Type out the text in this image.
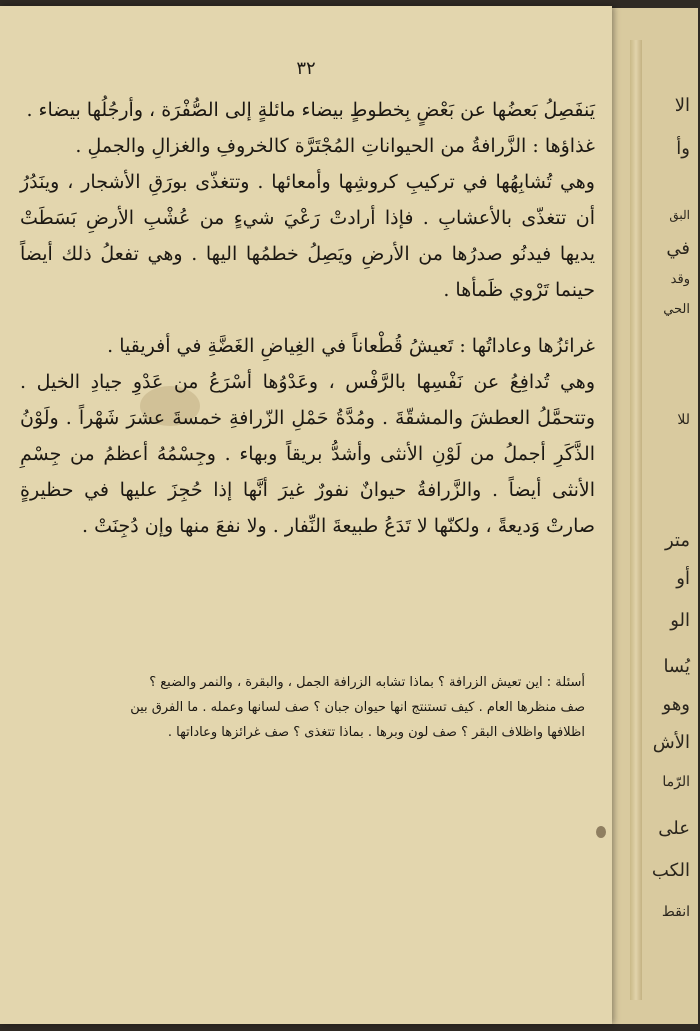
الا
وأ
البق
في
وقد
الحي
للا
متر
أو
الو
يُسا
وهو
الأش
الرّما
على
الكب
انقط
٣٢

يَنفَصِلُ بَعضُها عن بَعْضٍ بِخطوطٍ بيضاء مائلةٍ إلى الصُّفْرَة ، وأرجُلُها بيضاء .

غذاؤها : الزَّرافةُ من الحيواناتِ المُجْتَرَّة كالخروفِ والغزالِ والجملِ .

وهي تُشابِهُها في تركيبِ كروشِها وأمعائها . وتتغذّى بورَقِ الأشجار ، وينَدُرُ أن تتغذّى بالأعشابِ . فإذا أرادتْ رَعْيَ شيءٍ من عُشْبِ الأرضِ بَسَطَتْ يديها فيدنُو صدرُها من الأرضِ ويَصِلُ خطمُها اليها . وهي تفعلُ ذلك أيضاً حينما تَرْوي ظَمأها .

غرائزُها وعاداتُها : تَعيشُ قُطْعاناً في الغِياضِ الغَضَّةِ في أفريقيا .

وهي تُدافِعُ عن نَفْسِها بالرَّفْس ، وعَدْوُها أسْرَعُ من عَدْوِ جيادِ الخيل . وتتحمَّلُ العطشَ والمشقّةَ . ومُدَّةُ حَمْلِ الزّرافةِ خمسةَ عشرَ شَهْراً . ولَوْنُ الذَّكَرِ أجملُ من لَوْنِ الأنثى وأشدُّ بريقاً وبهاء . وجِسْمُهُ أعظمُ من جِسْمِ الأنثى أيضاً . والزَّرافةُ حيوانٌ نفورٌ غيرَ أنَّها إذا حُجِزَ عليها في حظيرةٍ صارتْ وَديعةً ، ولكنّها لا تَدَعُ طبيعةَ النِّفار . ولا نفعَ منها وإن دُجِنَتْ .

أسئلة : اين تعيش الزرافة ؟ بماذا تشابه الزرافة الجمل ، والبقرة ، والنمر والضبع ؟

صف منظرها العام . كيف تستنتج انها حيوان جبان ؟ صف لسانها وعمله . ما الفرق بين

اظلافها واظلاف البقر ؟ صف لون وبرها . بماذا تتغذى ؟ صف غرائزها وعاداتها .
